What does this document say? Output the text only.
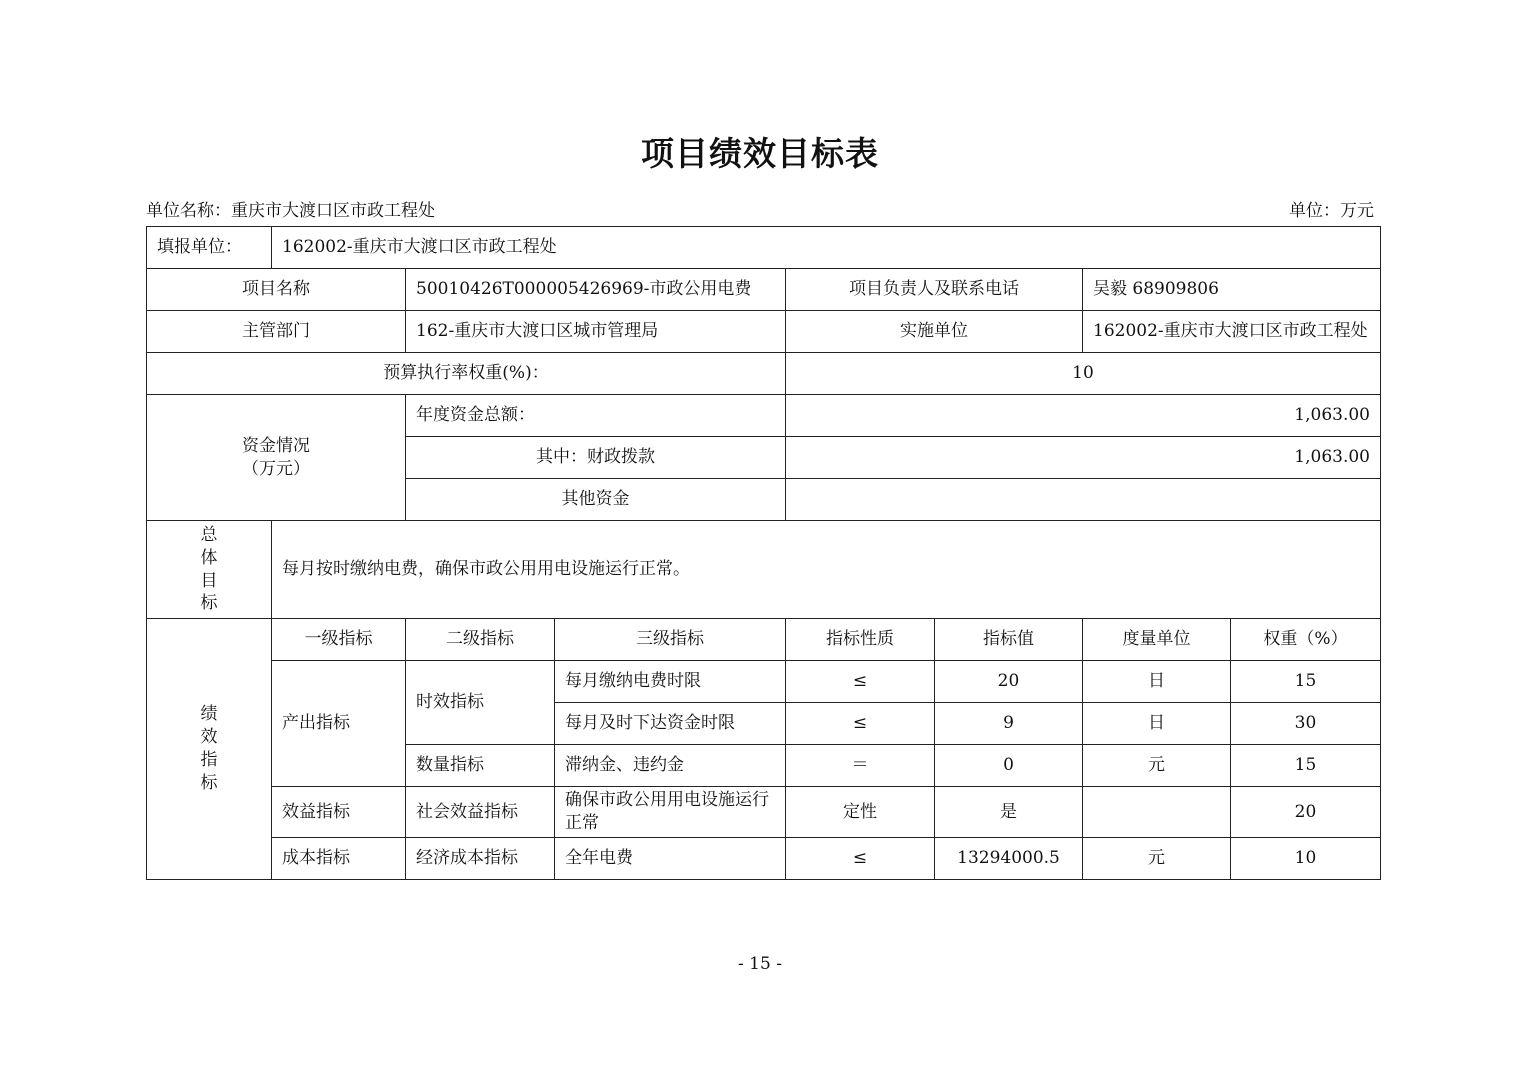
项目绩效目标表
单位名称：重庆市大渡口区市政工程处	单位：万元
填报单位：	162002-重庆市大渡口区市政工程处						
项目名称		50010426T000005426969-市政公用电费		项目负责人及联系电话		吴毅 68909806	
主管部门		162-重庆市大渡口区城市管理局		实施单位		162002-重庆市大渡口区市政工程处	
预算执行率权重(%)：				10			

资金情况
（万元）		年度资金总额：		1,063.00			
		其中：财政拨款		1,063.00			
		其他资金					

总
体
目
标	每月按时缴纳电费，确保市政公用用电设施运行正常。						

绩
效
指
标	一级指标	二级指标	三级指标	指标性质	指标值	度量单位	权重（%）
	产出指标	时效指标	每月缴纳电费时限	≤	20	日	15
			每月及时下达资金时限	≤	9	日	30
		数量指标	滞纳金、违约金	＝	0	元	15
	效益指标	社会效益指标	确保市政公用用电设施运行正常	定性	是		20
	成本指标	经济成本指标	全年电费	≤	13294000.5	元	10
- 15 -
